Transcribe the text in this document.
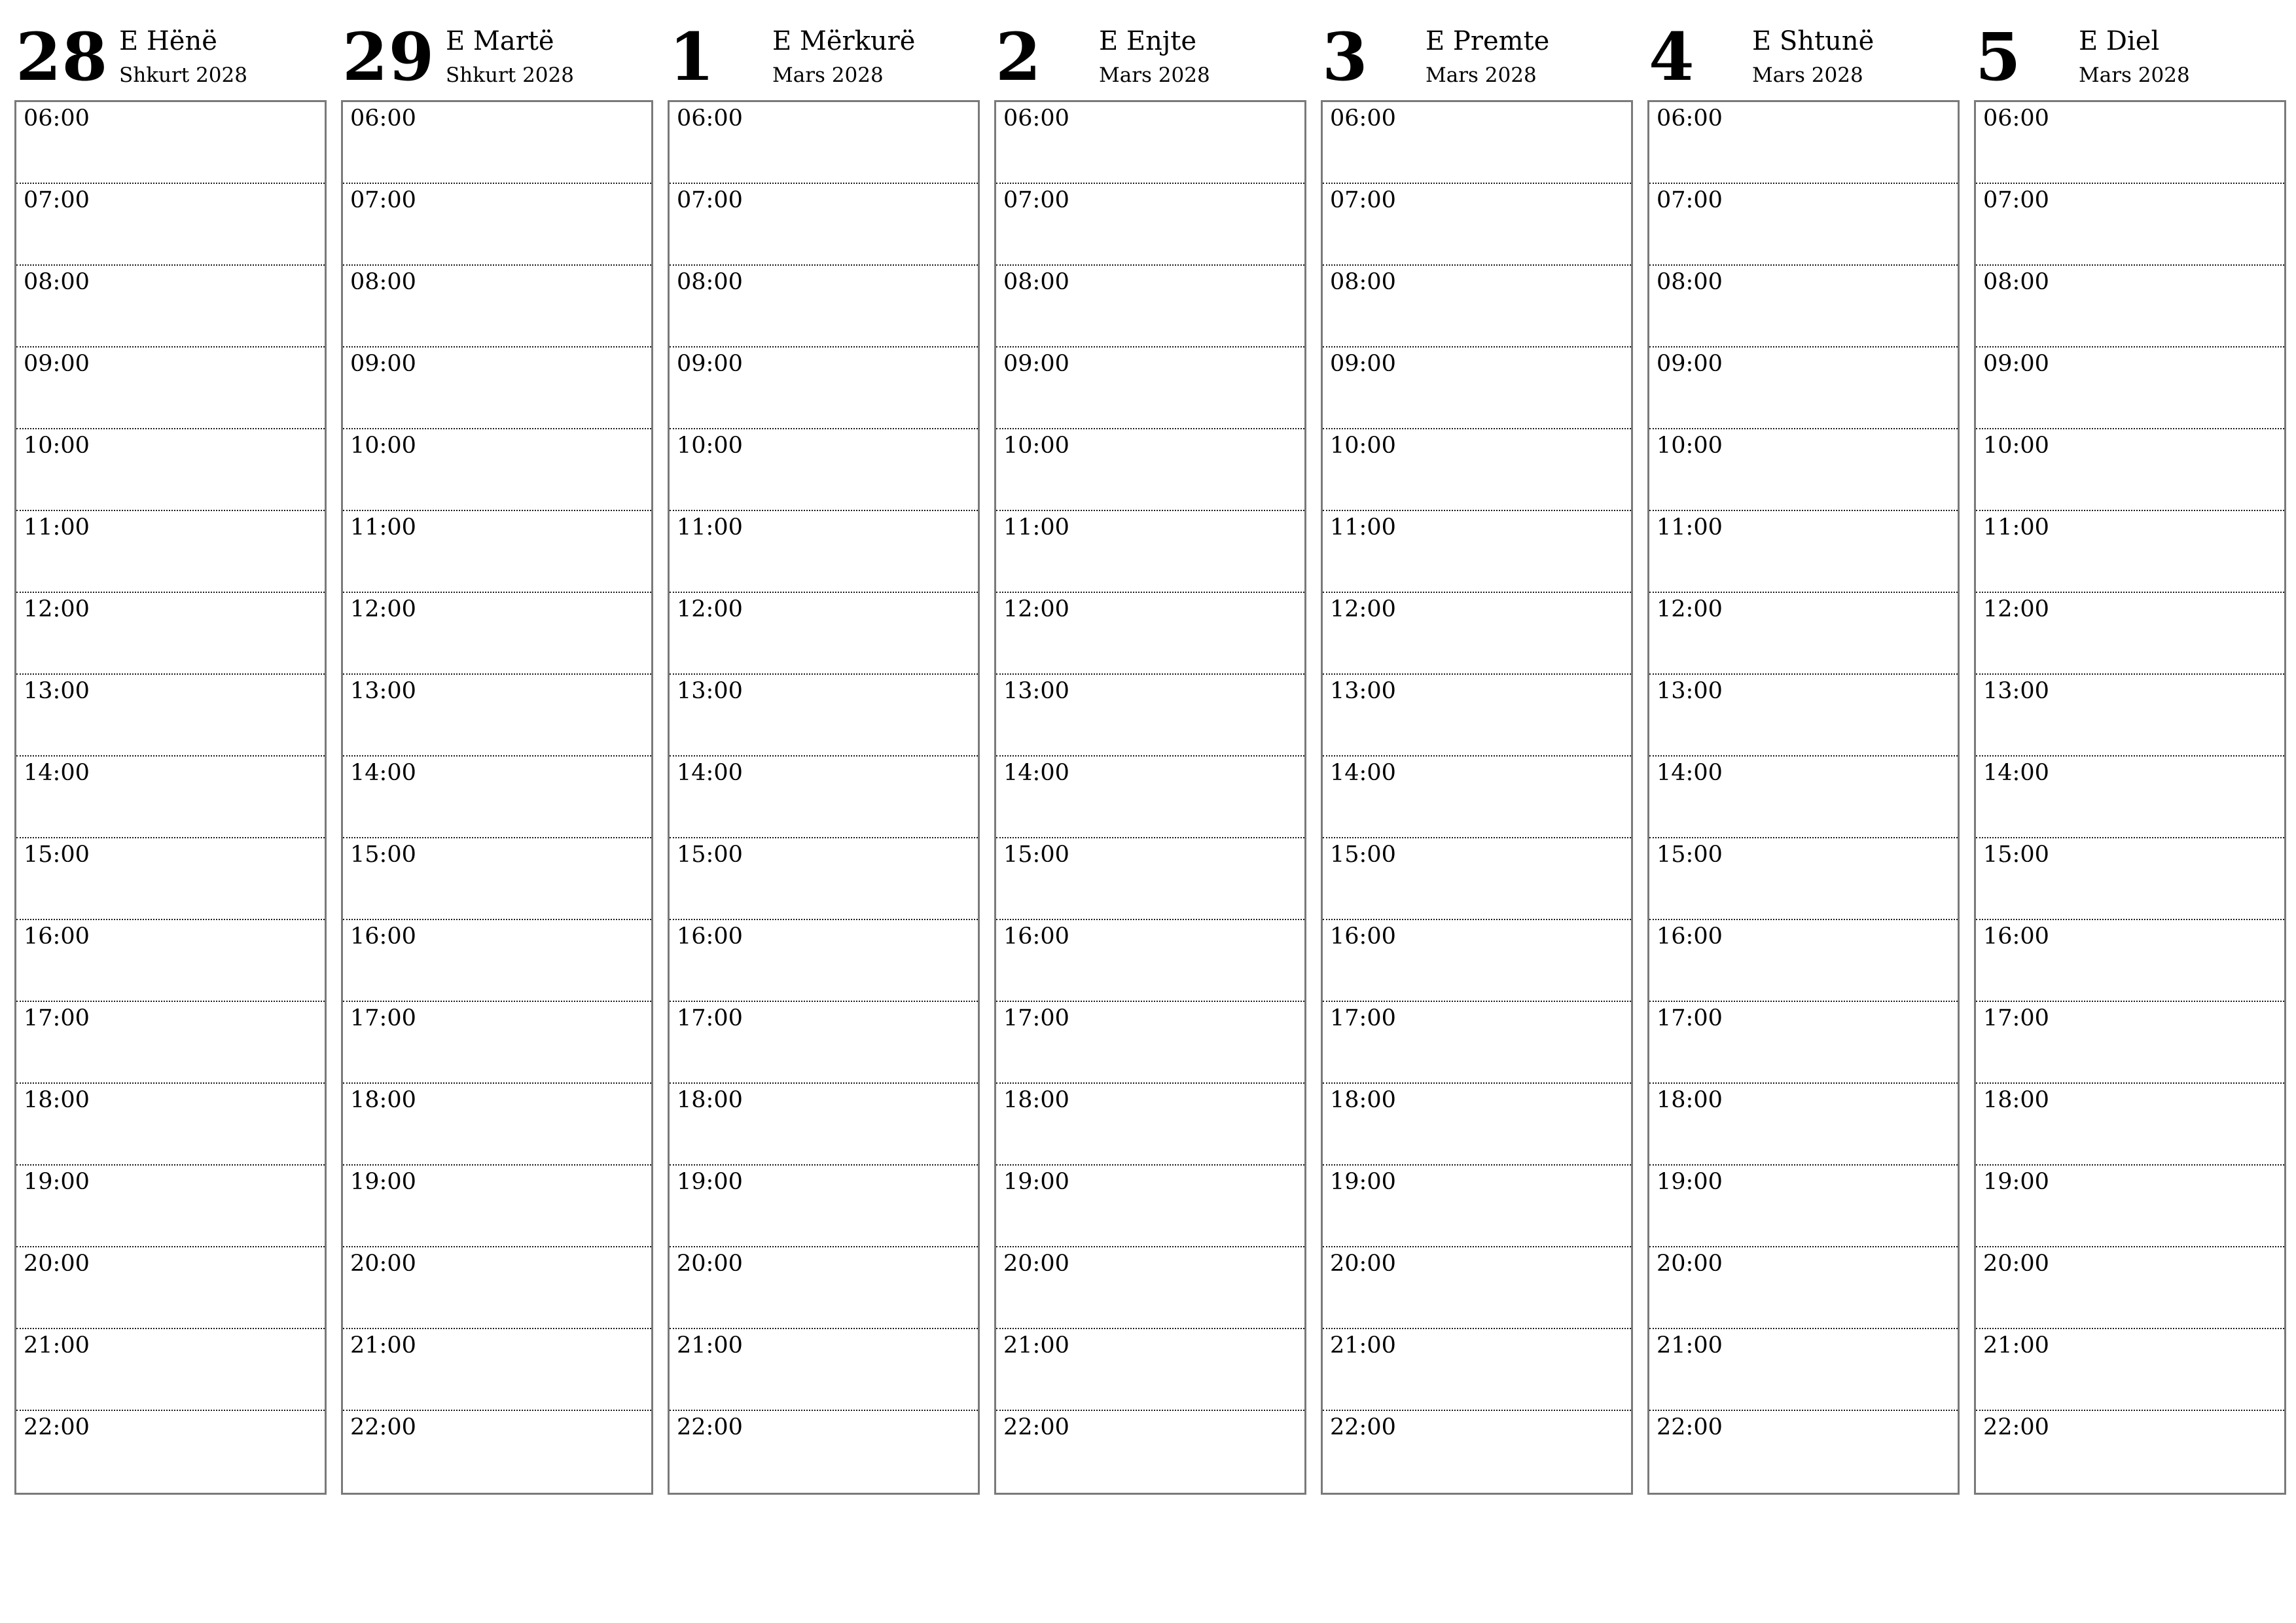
28 E Hënë
Shkurt 2028
06:00
07:00
08:00
09:00
10:00
11:00
12:00
13:00
14:00
15:00
16:00
17:00
18:00
19:00
20:00
21:00
22:00
29 E Martë
Shkurt 2028
06:00
07:00
08:00
09:00
10:00
11:00
12:00
13:00
14:00
15:00
16:00
17:00
18:00
19:00
20:00
21:00
22:00
1 E Mërkurë
Mars 2028
06:00
07:00
08:00
09:00
10:00
11:00
12:00
13:00
14:00
15:00
16:00
17:00
18:00
19:00
20:00
21:00
22:00
2 E Enjte
Mars 2028
06:00
07:00
08:00
09:00
10:00
11:00
12:00
13:00
14:00
15:00
16:00
17:00
18:00
19:00
20:00
21:00
22:00
3 E Premte
Mars 2028
06:00
07:00
08:00
09:00
10:00
11:00
12:00
13:00
14:00
15:00
16:00
17:00
18:00
19:00
20:00
21:00
22:00
4 E Shtunë
Mars 2028
06:00
07:00
08:00
09:00
10:00
11:00
12:00
13:00
14:00
15:00
16:00
17:00
18:00
19:00
20:00
21:00
22:00
5 E Diel
Mars 2028
06:00
07:00
08:00
09:00
10:00
11:00
12:00
13:00
14:00
15:00
16:00
17:00
18:00
19:00
20:00
21:00
22:00
